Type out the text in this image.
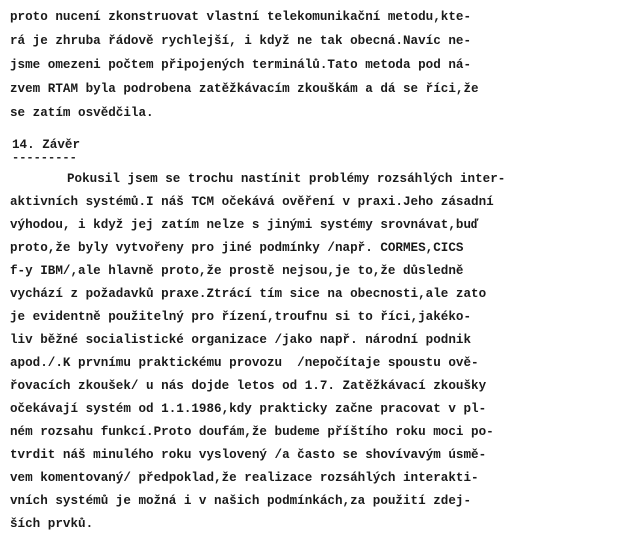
proto nucení zkonstruovat vlastní telekomunikační metodu,kte-
rá je zhruba řádově rychlejší, i když ne tak obecná.Navíc ne-
jsme omezeni počtem připojených terminálů.Tato metoda pod ná-
zvem RTAM byla podrobena zatěžkávacím zkouškám a dá se říci,že
se zatím osvědčila.
14. Závěr
---------
Pokusil jsem se trochu nastínit problémy rozsáhlých inter-
aktivních systémů.I náš TCM očekává ověření v praxi.Jeho zásadní
výhodou, i když jej zatím nelze s jinými systémy srovnávat,buď
proto,že byly vytvořeny pro jiné podmínky /např. CORMES,CICS
f-y IBM/,ale hlavně proto,že prostě nejsou,je to,že důsledně
vychází z požadavků praxe.Ztrácí tím sice na obecnosti,ale zato
je evidentně použitelný pro řízení,troufnu si to říci,jakéko-
liv běžné socialistické organizace /jako např. národní podnik
apod./.K prvnímu praktickému provozu  /nepočítaje spoustu ově-
řovacích zkoušek/ u nás dojde letos od 1.7. Zatěžkávací zkoušky
očekávají systém od 1.1.1986,kdy prakticky začne pracovat v pl-
ném rozsahu funkcí.Proto doufám,že budeme příštího roku moci po-
tvrdit náš minulého roku vyslovený /a často se shovívavým úsmě-
vem komentovaný/ předpoklad,že realizace rozsáhlých interakti-
vních systémů je možná i v našich podmínkách,za použití zdej-
ších prvků.
